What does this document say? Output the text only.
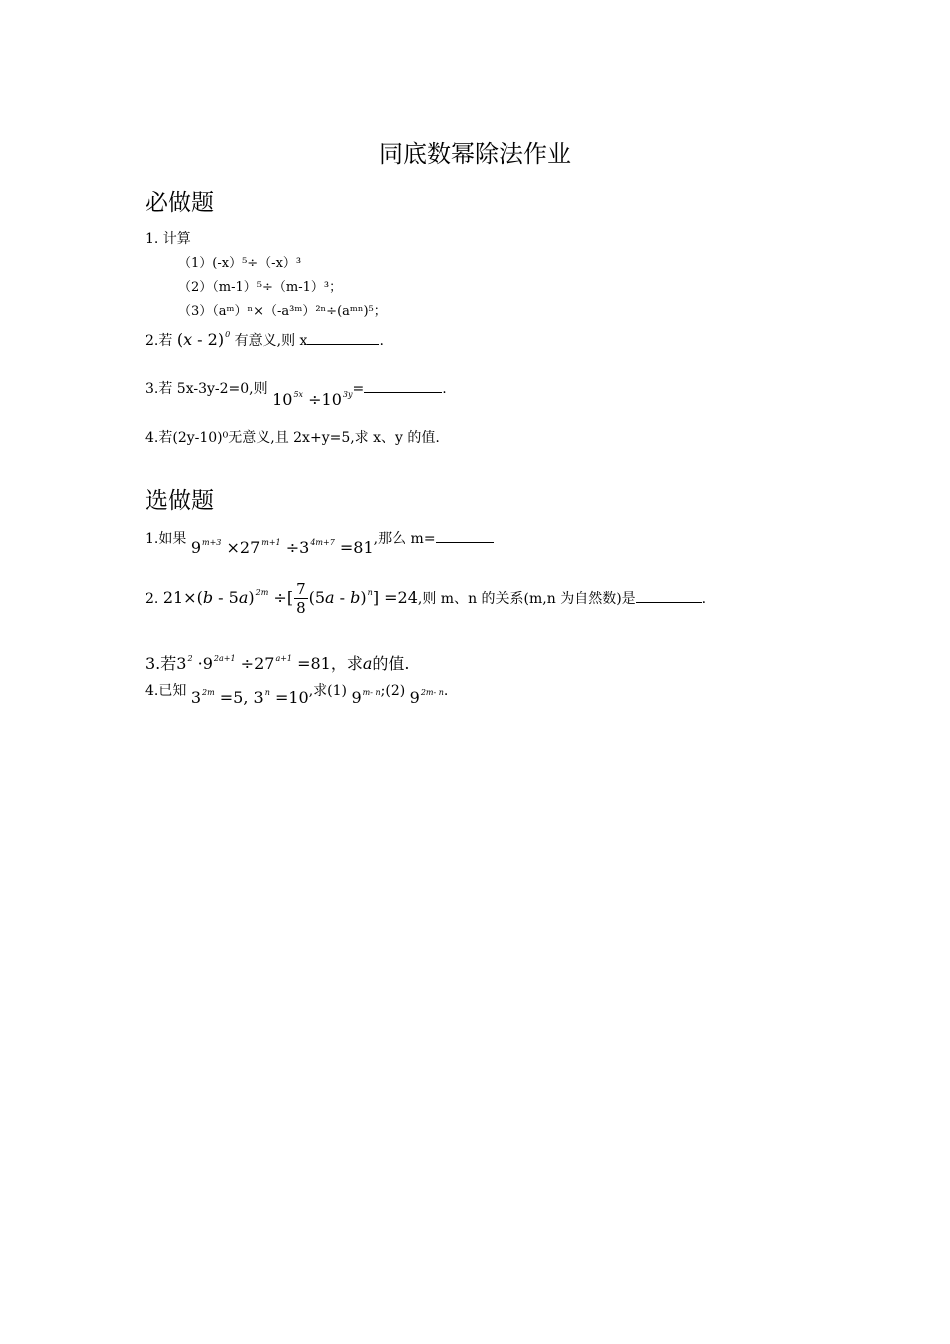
同底数幂除法作业
必做题
1. 计算
（1）(-x）⁵÷（-x）³
（2）（m-1）⁵÷（m-1）³；
（3）（aᵐ）ⁿ×（-a³ᵐ）²ⁿ÷(aᵐⁿ)⁵；
2.若 (x - 2)$^0$ 有意义,则 x	.
3.若 5x-3y-2=0,则 $10^{5x} \div 10^{3y}=$	.
4.若(2y-10)⁰无意义,且 2x+y=5,求 x、y 的值.
选做题
1.如果 $9^{m+3} \times 27^{m+1} \div 3^{4m+7} =81$,那么 m=
2. 21×(b - 5a)$^{2m}$ ÷[ $\frac{7}{8} (5a - b)^n] =24$,则 m、n 的关系(m,n 为自然数)是	.
3.若$3^2 \cdot 9^{2a+1} \div 27^{a+1} =81$，求a的值.
4.已知 $3^{2m} =5$, $3^n =10$,求(1) 9$^{m- n}$;(2) $9^{2m- n}$.
